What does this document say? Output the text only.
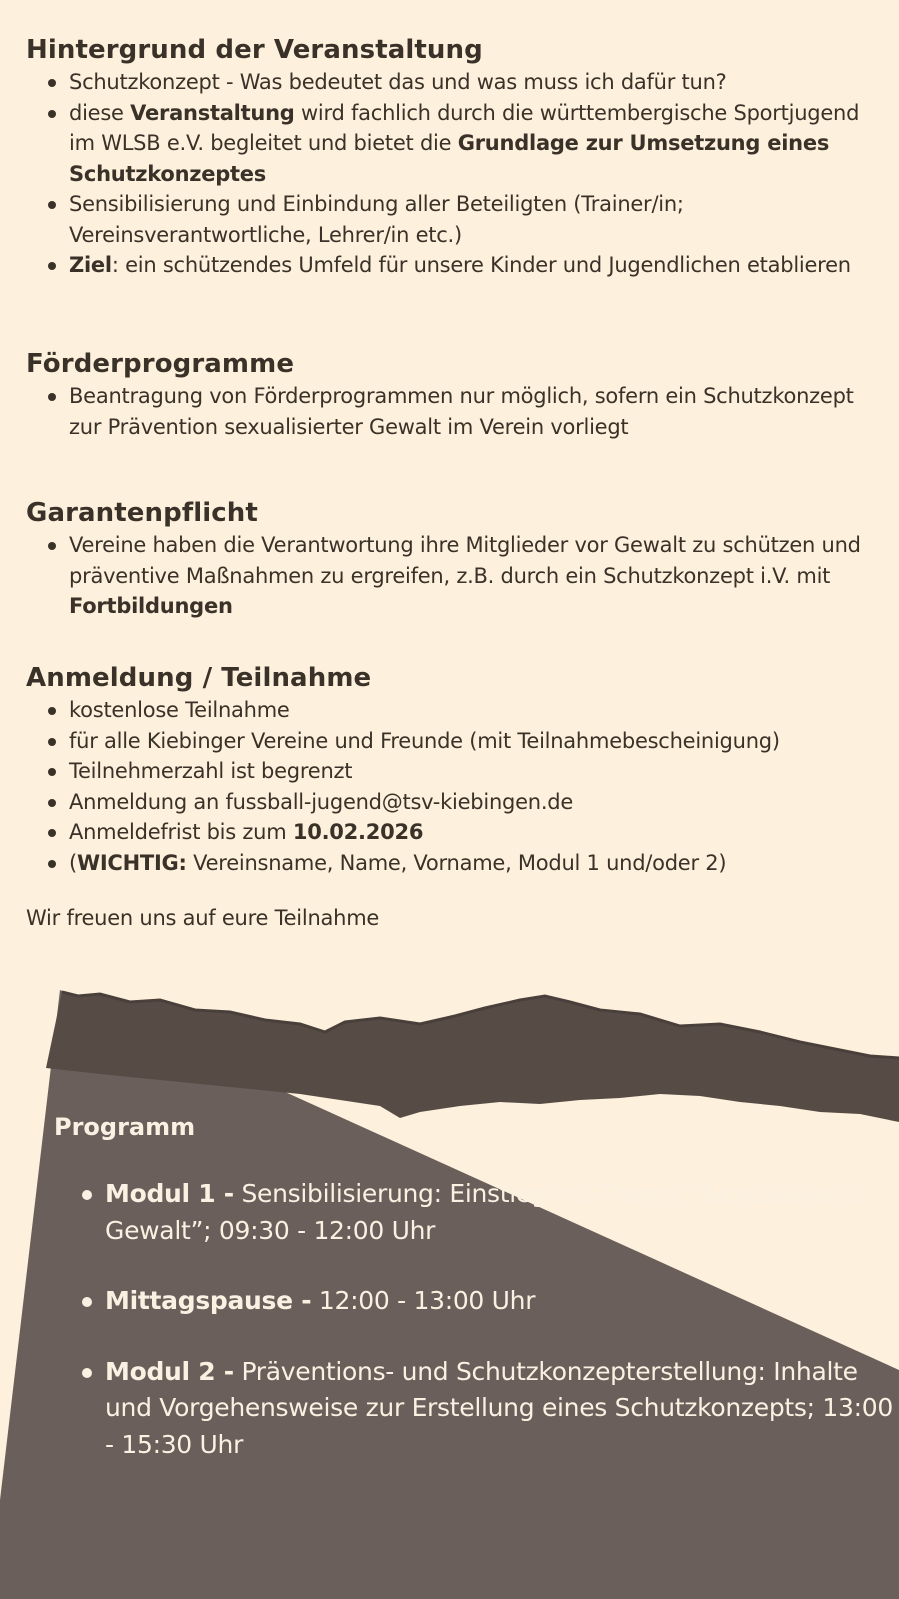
Hintergrund der Veranstaltung
Schutzkonzept - Was bedeutet das und was muss ich dafür tun?
diese Veranstaltung wird fachlich durch die württembergische Sportjugend im WLSB e.V. begleitet und bietet die Grundlage zur Umsetzung eines Schutzkonzeptes
Sensibilisierung und Einbindung aller Beteiligten (Trainer/in; Vereinsverantwortliche, Lehrer/in etc.)
Ziel: ein schützendes Umfeld für unsere Kinder und Jugendlichen etablieren
Förderprogramme
Beantragung von Förderprogrammen nur möglich, sofern ein Schutzkonzept zur Prävention sexualisierter Gewalt im Verein vorliegt
Garantenpflicht
Vereine haben die Verantwortung ihre Mitglieder vor Gewalt zu schützen und präventive Maßnahmen zu ergreifen, z.B. durch ein Schutzkonzept i.V. mit Fortbildungen
Anmeldung / Teilnahme
kostenlose Teilnahme
für alle Kiebinger Vereine und Freunde (mit Teilnahmebescheinigung)
Teilnehmerzahl ist begrenzt
Anmeldung an fussball-jugend@tsv-kiebingen.de
Anmeldefrist bis zum 10.02.2026
(WICHTIG: Vereinsname, Name, Vorname, Modul 1 und/oder 2)
Wir freuen uns auf eure Teilnahme
Programm
Modul 1 - Sensibilisierung: Einstieg ins Thema “Sexualisierte Gewalt”; 09:30 - 12:00 Uhr
Mittagspause - 12:00 - 13:00 Uhr
Modul 2 - Präventions- und Schutzkonzepterstellung: Inhalte und Vorgehensweise zur Erstellung eines Schutzkonzepts; 13:00 - 15:30 Uhr
